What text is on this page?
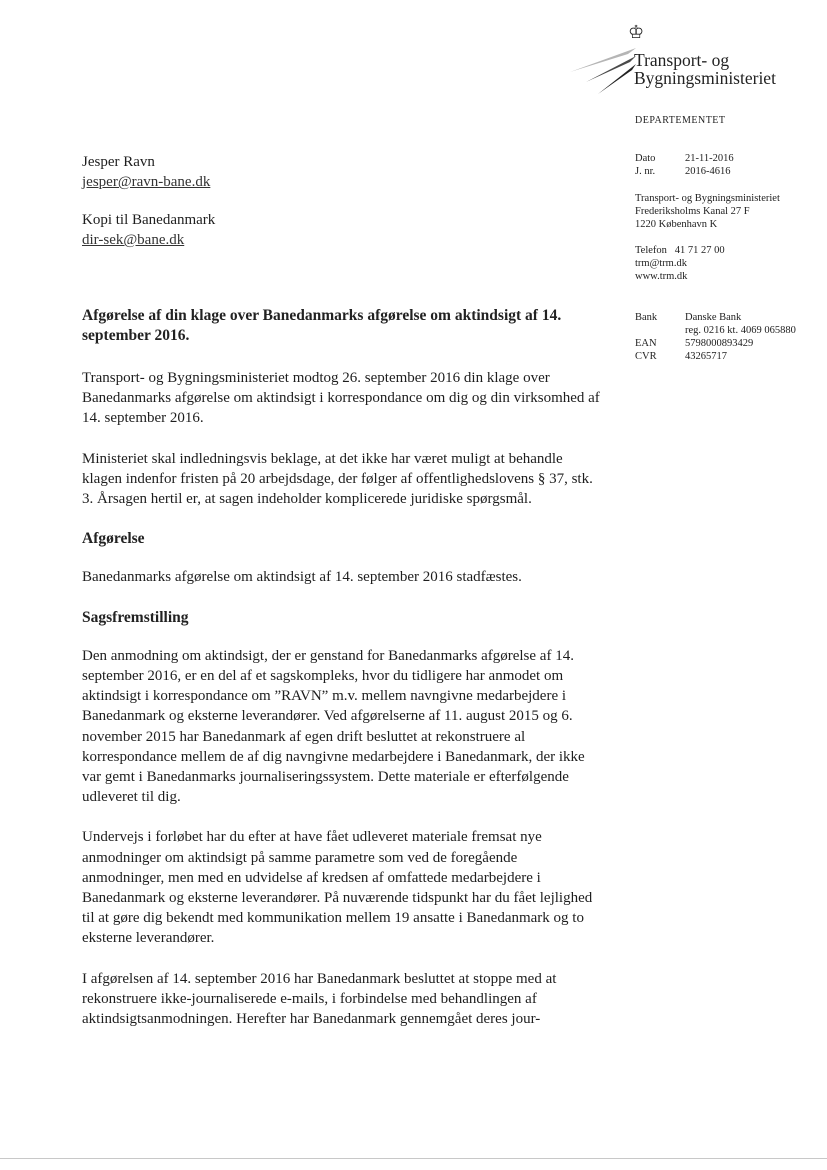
♔
Transport- og
Bygningsministeriet
DEPARTEMENTET
Dato	21-11-2016
J. nr.	2016-4616
Transport- og Bygningsministeriet
Frederiksholms Kanal 27 F
1220 København K
Telefon 41 71 27 00
trm@trm.dk
www.trm.dk
Bank	Danske Bank
reg. 0216 kt. 4069 065880
EAN	5798000893429
CVR	43265717
Jesper Ravn
jesper@ravn-bane.dk
Kopi til Banedanmark
dir-sek@bane.dk
Afgørelse af din klage over Banedanmarks afgørelse om aktindsigt af 14. september 2016.

Transport- og Bygningsministeriet modtog 26. september 2016 din klage over Banedanmarks afgørelse om aktindsigt i korrespondance om dig og din virksomhed af 14. september 2016.

Ministeriet skal indledningsvis beklage, at det ikke har været muligt at behandle klagen indenfor fristen på 20 arbejdsdage, der følger af offentlighedslovens § 37, stk. 3. Årsagen hertil er, at sagen indeholder komplicerede juridiske spørgsmål.

Afgørelse

Banedanmarks afgørelse om aktindsigt af 14. september 2016 stadfæstes.

Sagsfremstilling

Den anmodning om aktindsigt, der er genstand for Banedanmarks afgørelse af 14. september 2016, er en del af et sagskompleks, hvor du tidligere har anmodet om aktindsigt i korrespondance om ”RAVN” m.v. mellem navngivne medarbejdere i Banedanmark og eksterne leverandører. Ved afgørelserne af 11. august 2015 og 6. november 2015 har Banedanmark af egen drift besluttet at rekonstruere al korrespondance mellem de af dig navngivne medarbejdere i Banedanmark, der ikke var gemt i Banedanmarks journaliseringssystem. Dette materiale er efterfølgende udleveret til dig.

Undervejs i forløbet har du efter at have fået udleveret materiale fremsat nye anmodninger om aktindsigt på samme parametre som ved de foregående anmodninger, men med en udvidelse af kredsen af omfattede medarbejdere i Banedanmark og eksterne leverandører. På nuværende tidspunkt har du fået lejlighed til at gøre dig bekendt med kommunikation mellem 19 ansatte i Banedanmark og to eksterne leverandører.

I afgørelsen af 14. september 2016 har Banedanmark besluttet at stoppe med at rekonstruere ikke-journaliserede e-mails, i forbindelse med behandlingen af aktindsigtsanmodningen. Herefter har Banedanmark gennemgået deres jour-
